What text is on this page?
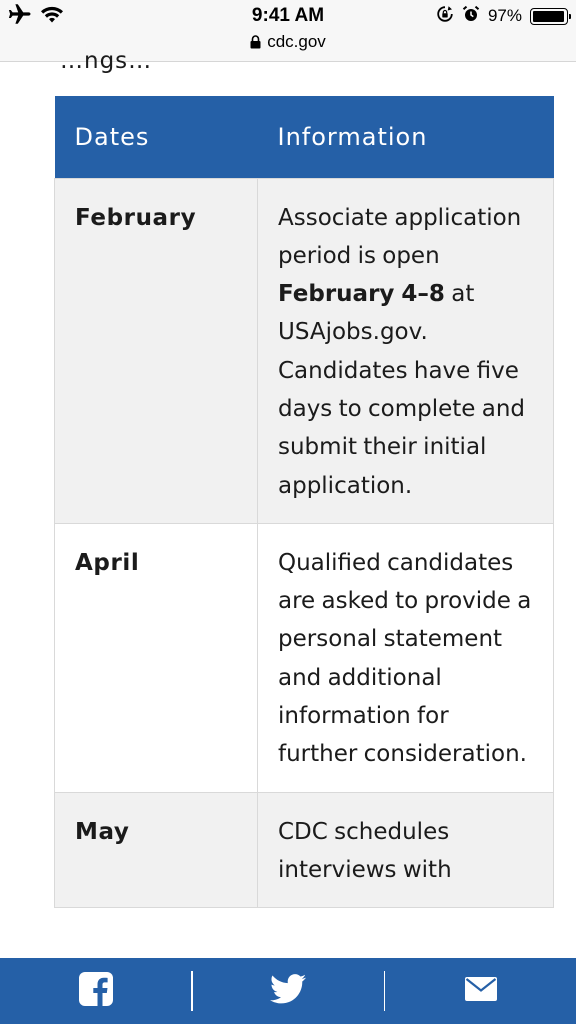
9:41 AM
cdc.gov
97%
…ngs…
Dates	Information
February	Associate application period is open February 4–8 at USAjobs.gov. Candidates have five days to complete and submit their initial application.
April	Qualified candidates are asked to provide a personal statement and additional information for further consideration.
May	CDC schedules interviews with
